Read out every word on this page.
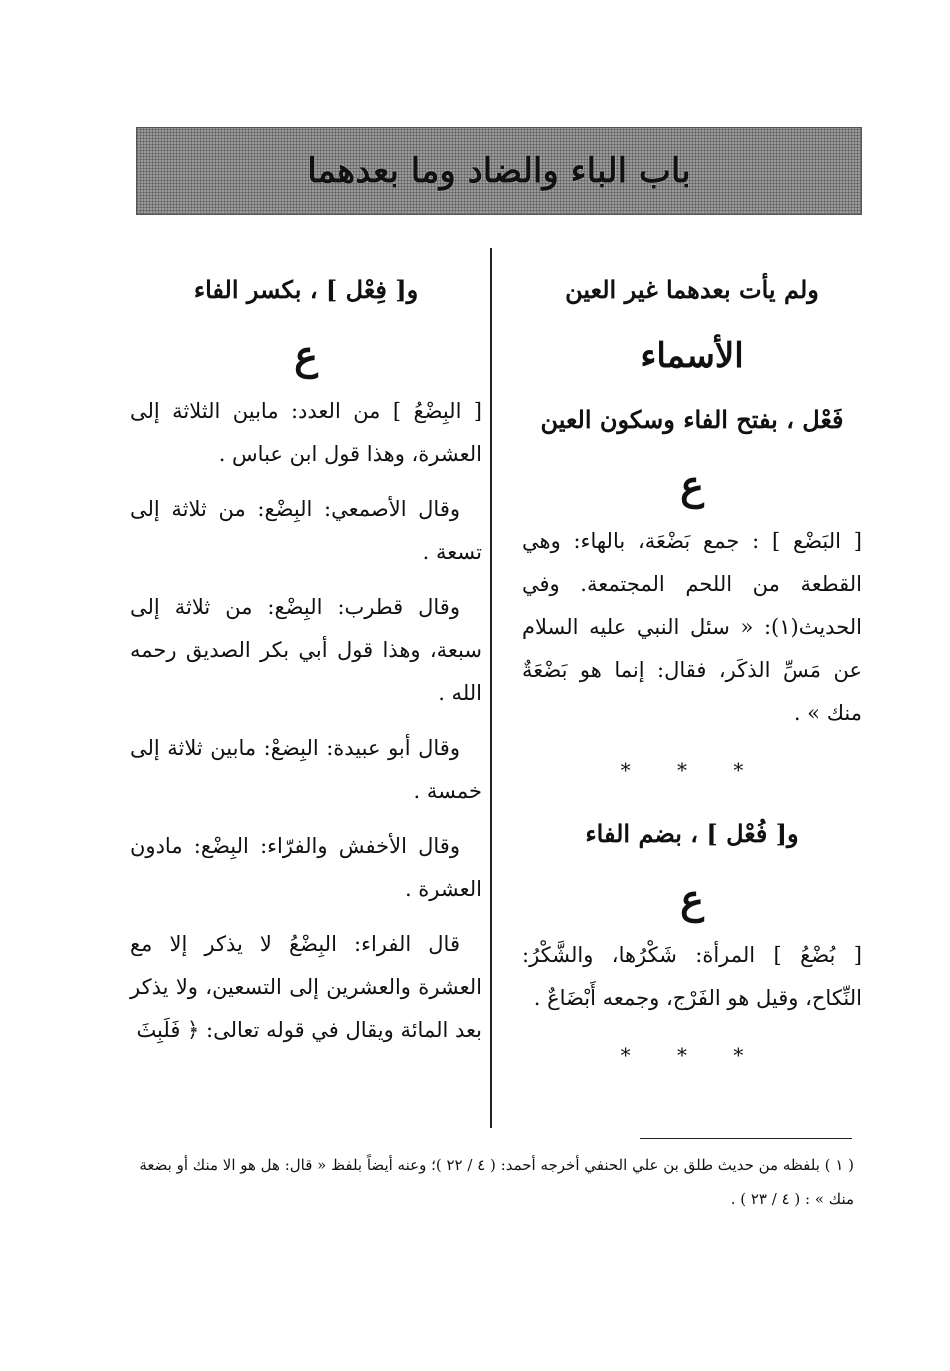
باب الباء والضاد وما بعدهما
ولم يأت بعدهما غير العين
الأسماء
فَعْل ، بفتح الفاء وسكون العين
ع

[ البَضْع ] : جمع بَضْعَة، بالهاء: وهي القطعة من اللحم المجتمعة. وفي الحديث(١): « سئل النبي عليه السلام عن مَسِّ الذكَر، فقال: إنما هو بَضْعَةٌ منك » .

* * *
و[ فُعْل ] ، بضم الفاء
ع

[ بُضْعُ ] المرأة: شَكْرُها، والشَّكْرُ: النِّكاح، وقيل هو الفَرْج، وجمعه أَبْضَاعٌ .

* * *
و[ فِعْل ] ، بكسر الفاء
ع

[ البِضْعُ ] من العدد: مابين الثلاثة إلى العشرة، وهذا قول ابن عباس .

وقال الأصمعي: البِضْع: من ثلاثة إلى تسعة .

وقال قطرب: البِضْع: من ثلاثة إلى سبعة، وهذا قول أبي بكر الصديق رحمه الله .

وقال أبو عبيدة: البِضعْ: مابين ثلاثة إلى خمسة .

وقال الأخفش والفرّاء: البِضْع: مادون العشرة .

قال الفراء: البِضْعُ لا يذكر إلا مع العشرة والعشرين إلى التسعين، ولا يذكر بعد المائة ويقال في قوله تعالى: ﴿ فَلَبِثَ

( ١ ) بلفظه من حديث طلق بن علي الحنفي أخرجه أحمد: ( ٤ / ٢٢ )؛ وعنه أيضاً بلفظ « قال: هل هو الا منك أو بضعة منك » : ( ٤ / ٢٣ ) .
